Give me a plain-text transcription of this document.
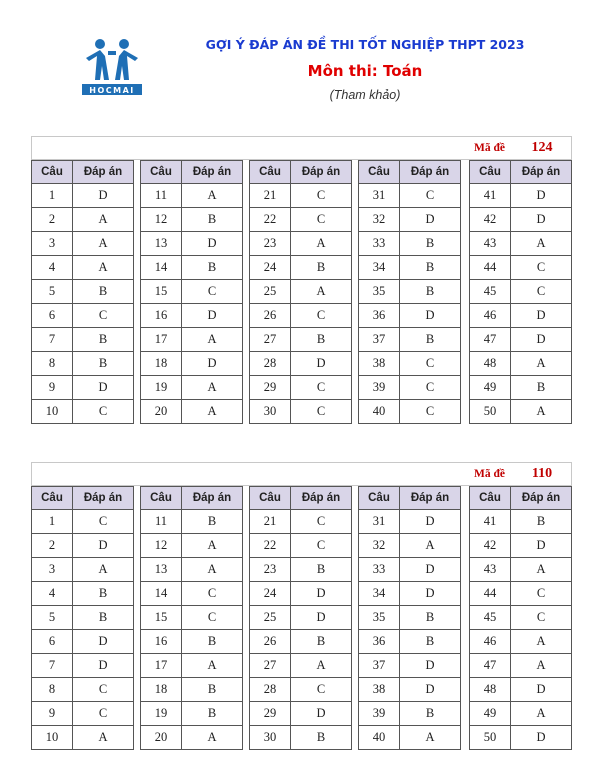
HOCMAI
GỢI Ý ĐÁP ÁN ĐỀ THI TỐT NGHIỆP THPT 2023
Môn thi: Toán
(Tham khảo)
Mã đề	124
Câu	Đáp án
1	D
2	A
3	A
4	A
5	B
6	C
7	B
8	B
9	D
10	C
Câu	Đáp án
11	A
12	B
13	D
14	B
15	C
16	D
17	A
18	D
19	A
20	A
Câu	Đáp án
21	C
22	C
23	A
24	B
25	A
26	C
27	B
28	D
29	C
30	C
Câu	Đáp án
31	C
32	D
33	B
34	B
35	B
36	D
37	B
38	C
39	C
40	C
Câu	Đáp án
41	D
42	D
43	A
44	C
45	C
46	D
47	D
48	A
49	B
50	A
Mã đề	110
Câu	Đáp án
1	C
2	D
3	A
4	B
5	B
6	D
7	D
8	C
9	C
10	A
Câu	Đáp án
11	B
12	A
13	A
14	C
15	C
16	B
17	A
18	B
19	B
20	A
Câu	Đáp án
21	C
22	C
23	B
24	D
25	D
26	B
27	A
28	C
29	D
30	B
Câu	Đáp án
31	D
32	A
33	D
34	D
35	B
36	B
37	D
38	D
39	B
40	A
Câu	Đáp án
41	B
42	D
43	A
44	C
45	C
46	A
47	A
48	D
49	A
50	D
